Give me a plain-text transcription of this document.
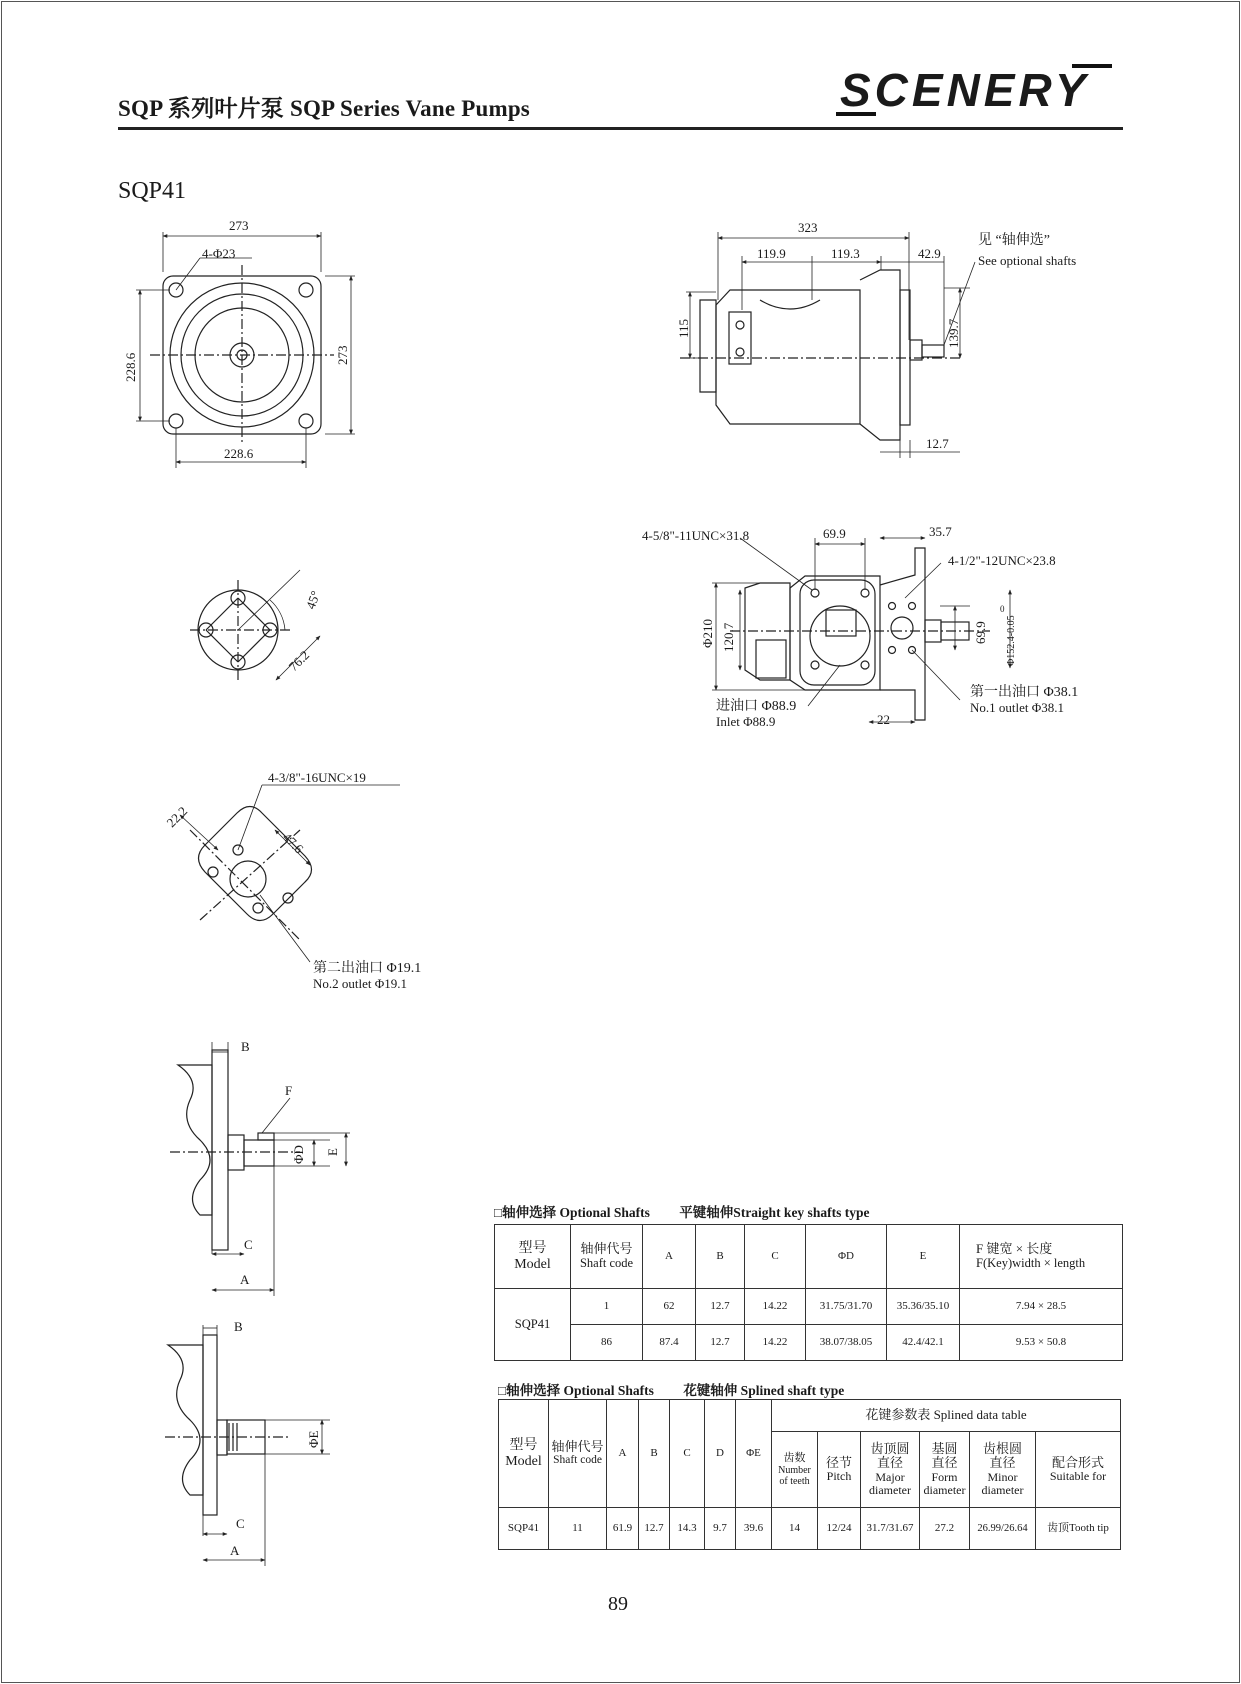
SQP 系列叶片泵 SQP Series Vane Pumps	SCENERY
SQP41
273
4-Φ23
228.6	273
228.6
323
119.9	119.3	42.9
115	139.7
12.7
见 “轴伸选”
See optional shafts
45°
76.2
4-5/8"-11UNC×31.8	69.9	35.7
4-1/2"-12UNC×23.8
Φ210 120.7	69.9 Φ152.4-0.05
0
第一出油口 Φ38.1
No.1 outlet Φ38.1
进油口 Φ88.9
Inlet Φ88.9	22
4-3/8"-16UNC×19
22.2
47.6
第二出油口 Φ19.1
No.2 outlet Φ19.1
B
F
ΦD E
C
A
B
ΦE
C
A
□轴伸选择 Optional Shafts 平键轴伸Straight key shafts type
型号
Model	轴伸代号
Shaft code	A	B	C	ΦD	E	F 键宽 × 长度
F(Key)width × length

SQP41	1	62	12.7	14.22	31.75/31.70	35.36/35.10	7.94 × 28.5
	86	87.4	12.7	14.22	38.07/38.05	42.4/42.1	9.53 × 50.8
□轴伸选择 Optional Shafts 花键轴伸 Splined shaft type
型号
Model	轴伸代号
Shaft code	A	B	C	D	ΦE	花键参数表 Splined data table					

							齿数
Number
of teeth	径节
Pitch	齿顶圆
直径
Major
diameter	基圆
直径
Form
diameter	齿根圆
直径
Minor
diameter	配合形式
Suitable for

SQP41	11	61.9	12.7	14.3	9.7	39.6	14	12/24	31.7/31.67	27.2	26.99/26.64	齿顶Tooth tip
89
